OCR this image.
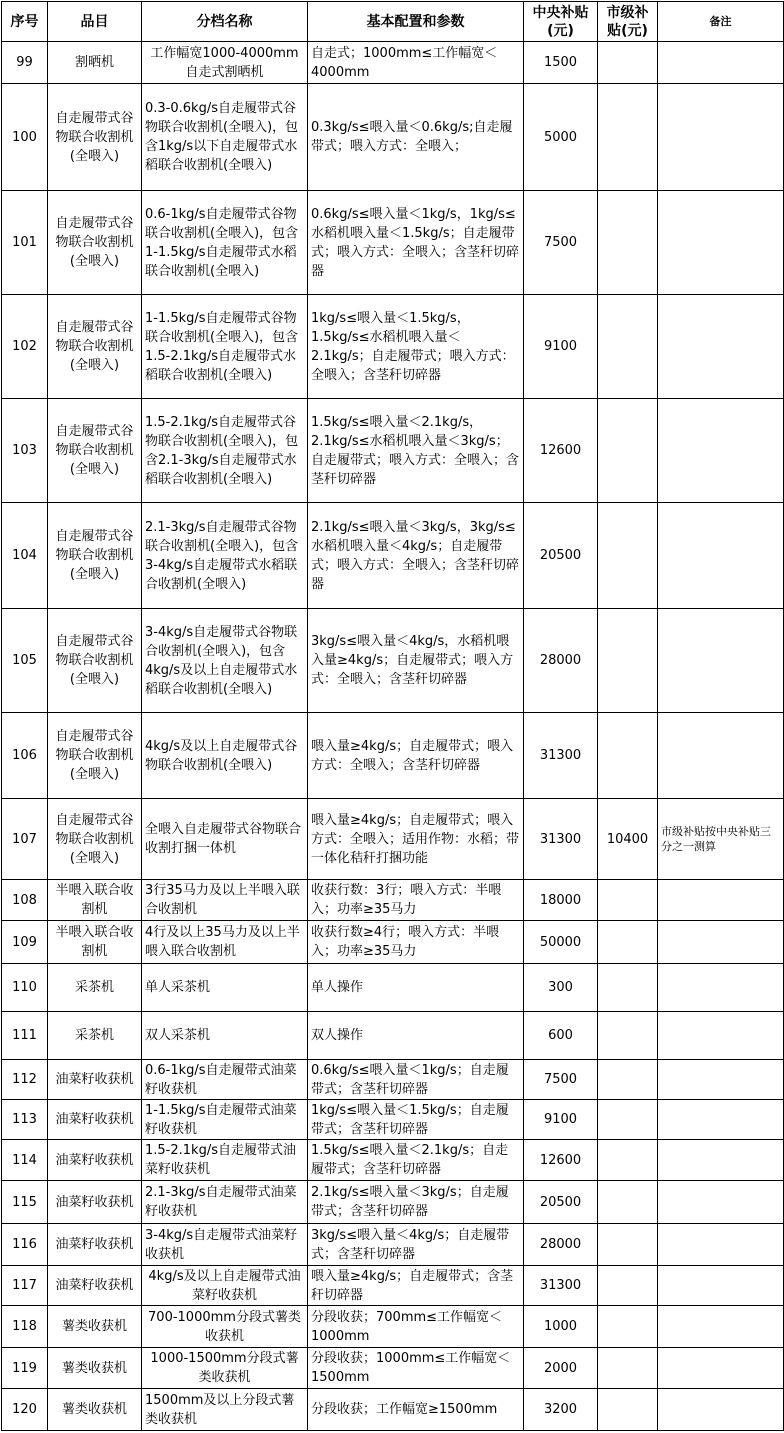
序号	品目	分档名称	基本配置和参数	中央补贴(元)	市级补贴(元)	备注
99	割晒机	工作幅宽1000-4000mm自走式割晒机	自走式；1000mm≤工作幅宽＜4000mm	1500		
100	自走履带式谷物联合收割机(全喂入)	0.3-0.6kg/s自走履带式谷物联合收割机(全喂入)，包含1kg/s以下自走履带式水稻联合收割机(全喂入)	0.3kg/s≤喂入量＜0.6kg/s;自走履带式；喂入方式：全喂入；	5000		
101	自走履带式谷物联合收割机(全喂入)	0.6-1kg/s自走履带式谷物联合收割机(全喂入)，包含1-1.5kg/s自走履带式水稻联合收割机(全喂入)	0.6kg/s≤喂入量＜1kg/s，1kg/s≤水稻机喂入量＜1.5kg/s；自走履带式；喂入方式：全喂入；含茎秆切碎器	7500		
102	自走履带式谷物联合收割机(全喂入)	1-1.5kg/s自走履带式谷物联合收割机(全喂入)，包含1.5-2.1kg/s自走履带式水稻联合收割机(全喂入)	1kg/s≤喂入量＜1.5kg/s，1.5kg/s≤水稻机喂入量＜2.1kg/s；自走履带式；喂入方式：全喂入；含茎秆切碎器	9100		
103	自走履带式谷物联合收割机(全喂入)	1.5-2.1kg/s自走履带式谷物联合收割机(全喂入)，包含2.1-3kg/s自走履带式水稻联合收割机(全喂入)	1.5kg/s≤喂入量＜2.1kg/s，2.1kg/s≤水稻机喂入量＜3kg/s；自走履带式；喂入方式：全喂入；含茎秆切碎器	12600		
104	自走履带式谷物联合收割机(全喂入)	2.1-3kg/s自走履带式谷物联合收割机(全喂入)，包含3-4kg/s自走履带式水稻联合收割机(全喂入)	2.1kg/s≤喂入量＜3kg/s，3kg/s≤水稻机喂入量＜4kg/s；自走履带式；喂入方式：全喂入；含茎秆切碎器	20500		
105	自走履带式谷物联合收割机(全喂入)	3-4kg/s自走履带式谷物联合收割机(全喂入)，包含4kg/s及以上自走履带式水稻联合收割机(全喂入)	3kg/s≤喂入量＜4kg/s，水稻机喂入量≥4kg/s；自走履带式；喂入方式：全喂入；含茎秆切碎器	28000		
106	自走履带式谷物联合收割机(全喂入)	4kg/s及以上自走履带式谷物联合收割机(全喂入)	喂入量≥4kg/s；自走履带式；喂入方式：全喂入；含茎秆切碎器	31300		
107	自走履带式谷物联合收割机(全喂入)	全喂入自走履带式谷物联合收割打捆一体机	喂入量≥4kg/s；自走履带式；喂入方式：全喂入；适用作物：水稻；带一体化秸秆打捆功能	31300	10400	市级补贴按中央补贴三分之一测算
108	半喂入联合收割机	3行35马力及以上半喂入联合收割机	收获行数：3行；喂入方式：半喂入；功率≥35马力	18000		
109	半喂入联合收割机	4行及以上35马力及以上半喂入联合收割机	收获行数≥4行；喂入方式：半喂入；功率≥35马力	50000		
110	采茶机	单人采茶机	单人操作	300		
111	采茶机	双人采茶机	双人操作	600		
112	油菜籽收获机	0.6-1kg/s自走履带式油菜籽收获机	0.6kg/s≤喂入量＜1kg/s；自走履带式；含茎秆切碎器	7500		
113	油菜籽收获机	1-1.5kg/s自走履带式油菜籽收获机	1kg/s≤喂入量＜1.5kg/s；自走履带式；含茎秆切碎器	9100		
114	油菜籽收获机	1.5-2.1kg/s自走履带式油菜籽收获机	1.5kg/s≤喂入量＜2.1kg/s；自走履带式；含茎秆切碎器	12600		
115	油菜籽收获机	2.1-3kg/s自走履带式油菜籽收获机	2.1kg/s≤喂入量＜3kg/s；自走履带式；含茎秆切碎器	20500		
116	油菜籽收获机	3-4kg/s自走履带式油菜籽收获机	3kg/s≤喂入量＜4kg/s；自走履带式；含茎秆切碎器	28000		
117	油菜籽收获机	4kg/s及以上自走履带式油菜籽收获机	喂入量≥4kg/s；自走履带式；含茎秆切碎器	31300		
118	薯类收获机	700-1000mm分段式薯类收获机	分段收获；700mm≤工作幅宽＜1000mm	1000		
119	薯类收获机	1000-1500mm分段式薯类收获机	分段收获；1000mm≤工作幅宽＜1500mm	2000		
120	薯类收获机	1500mm及以上分段式薯类收获机	分段收获；工作幅宽≥1500mm	3200		
